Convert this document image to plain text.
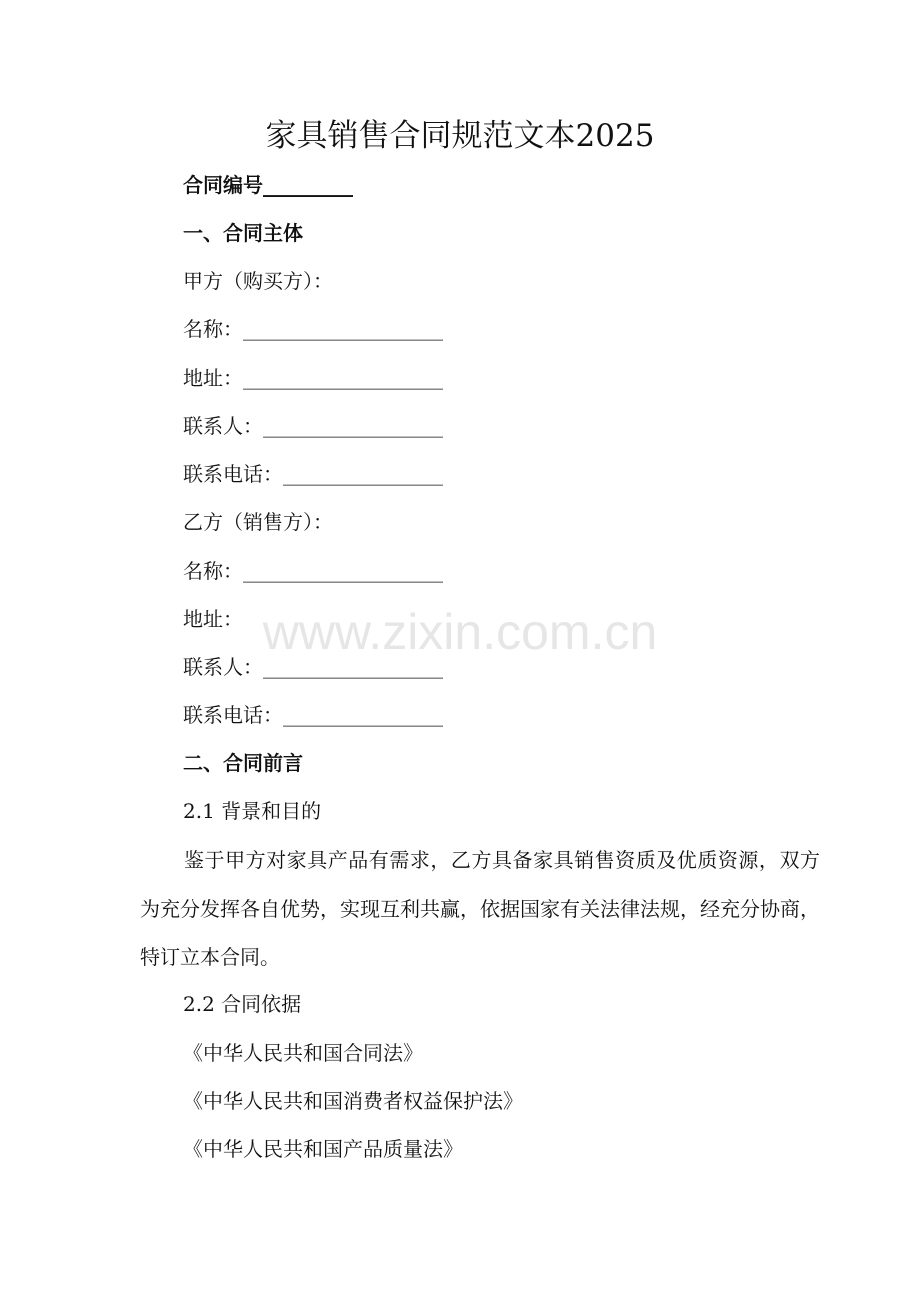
www.zixin.com.cn
家具销售合同规范文本2025
合同编号_________
一、合同主体
甲方（购买方）：
名称：____________________
地址：____________________
联系人：__________________
联系电话：________________
乙方（销售方）：
名称：____________________
地址：
联系人：__________________
联系电话：________________
二、合同前言
2.1 背景和目的

鉴于甲方对家具产品有需求，乙方具备家具销售资质及优质资源，双方为充分发挥各自优势，实现互利共赢，依据国家有关法律法规，经充分协商，特订立本合同。

2.2 合同依据
《中华人民共和国合同法》
《中华人民共和国消费者权益保护法》
《中华人民共和国产品质量法》
